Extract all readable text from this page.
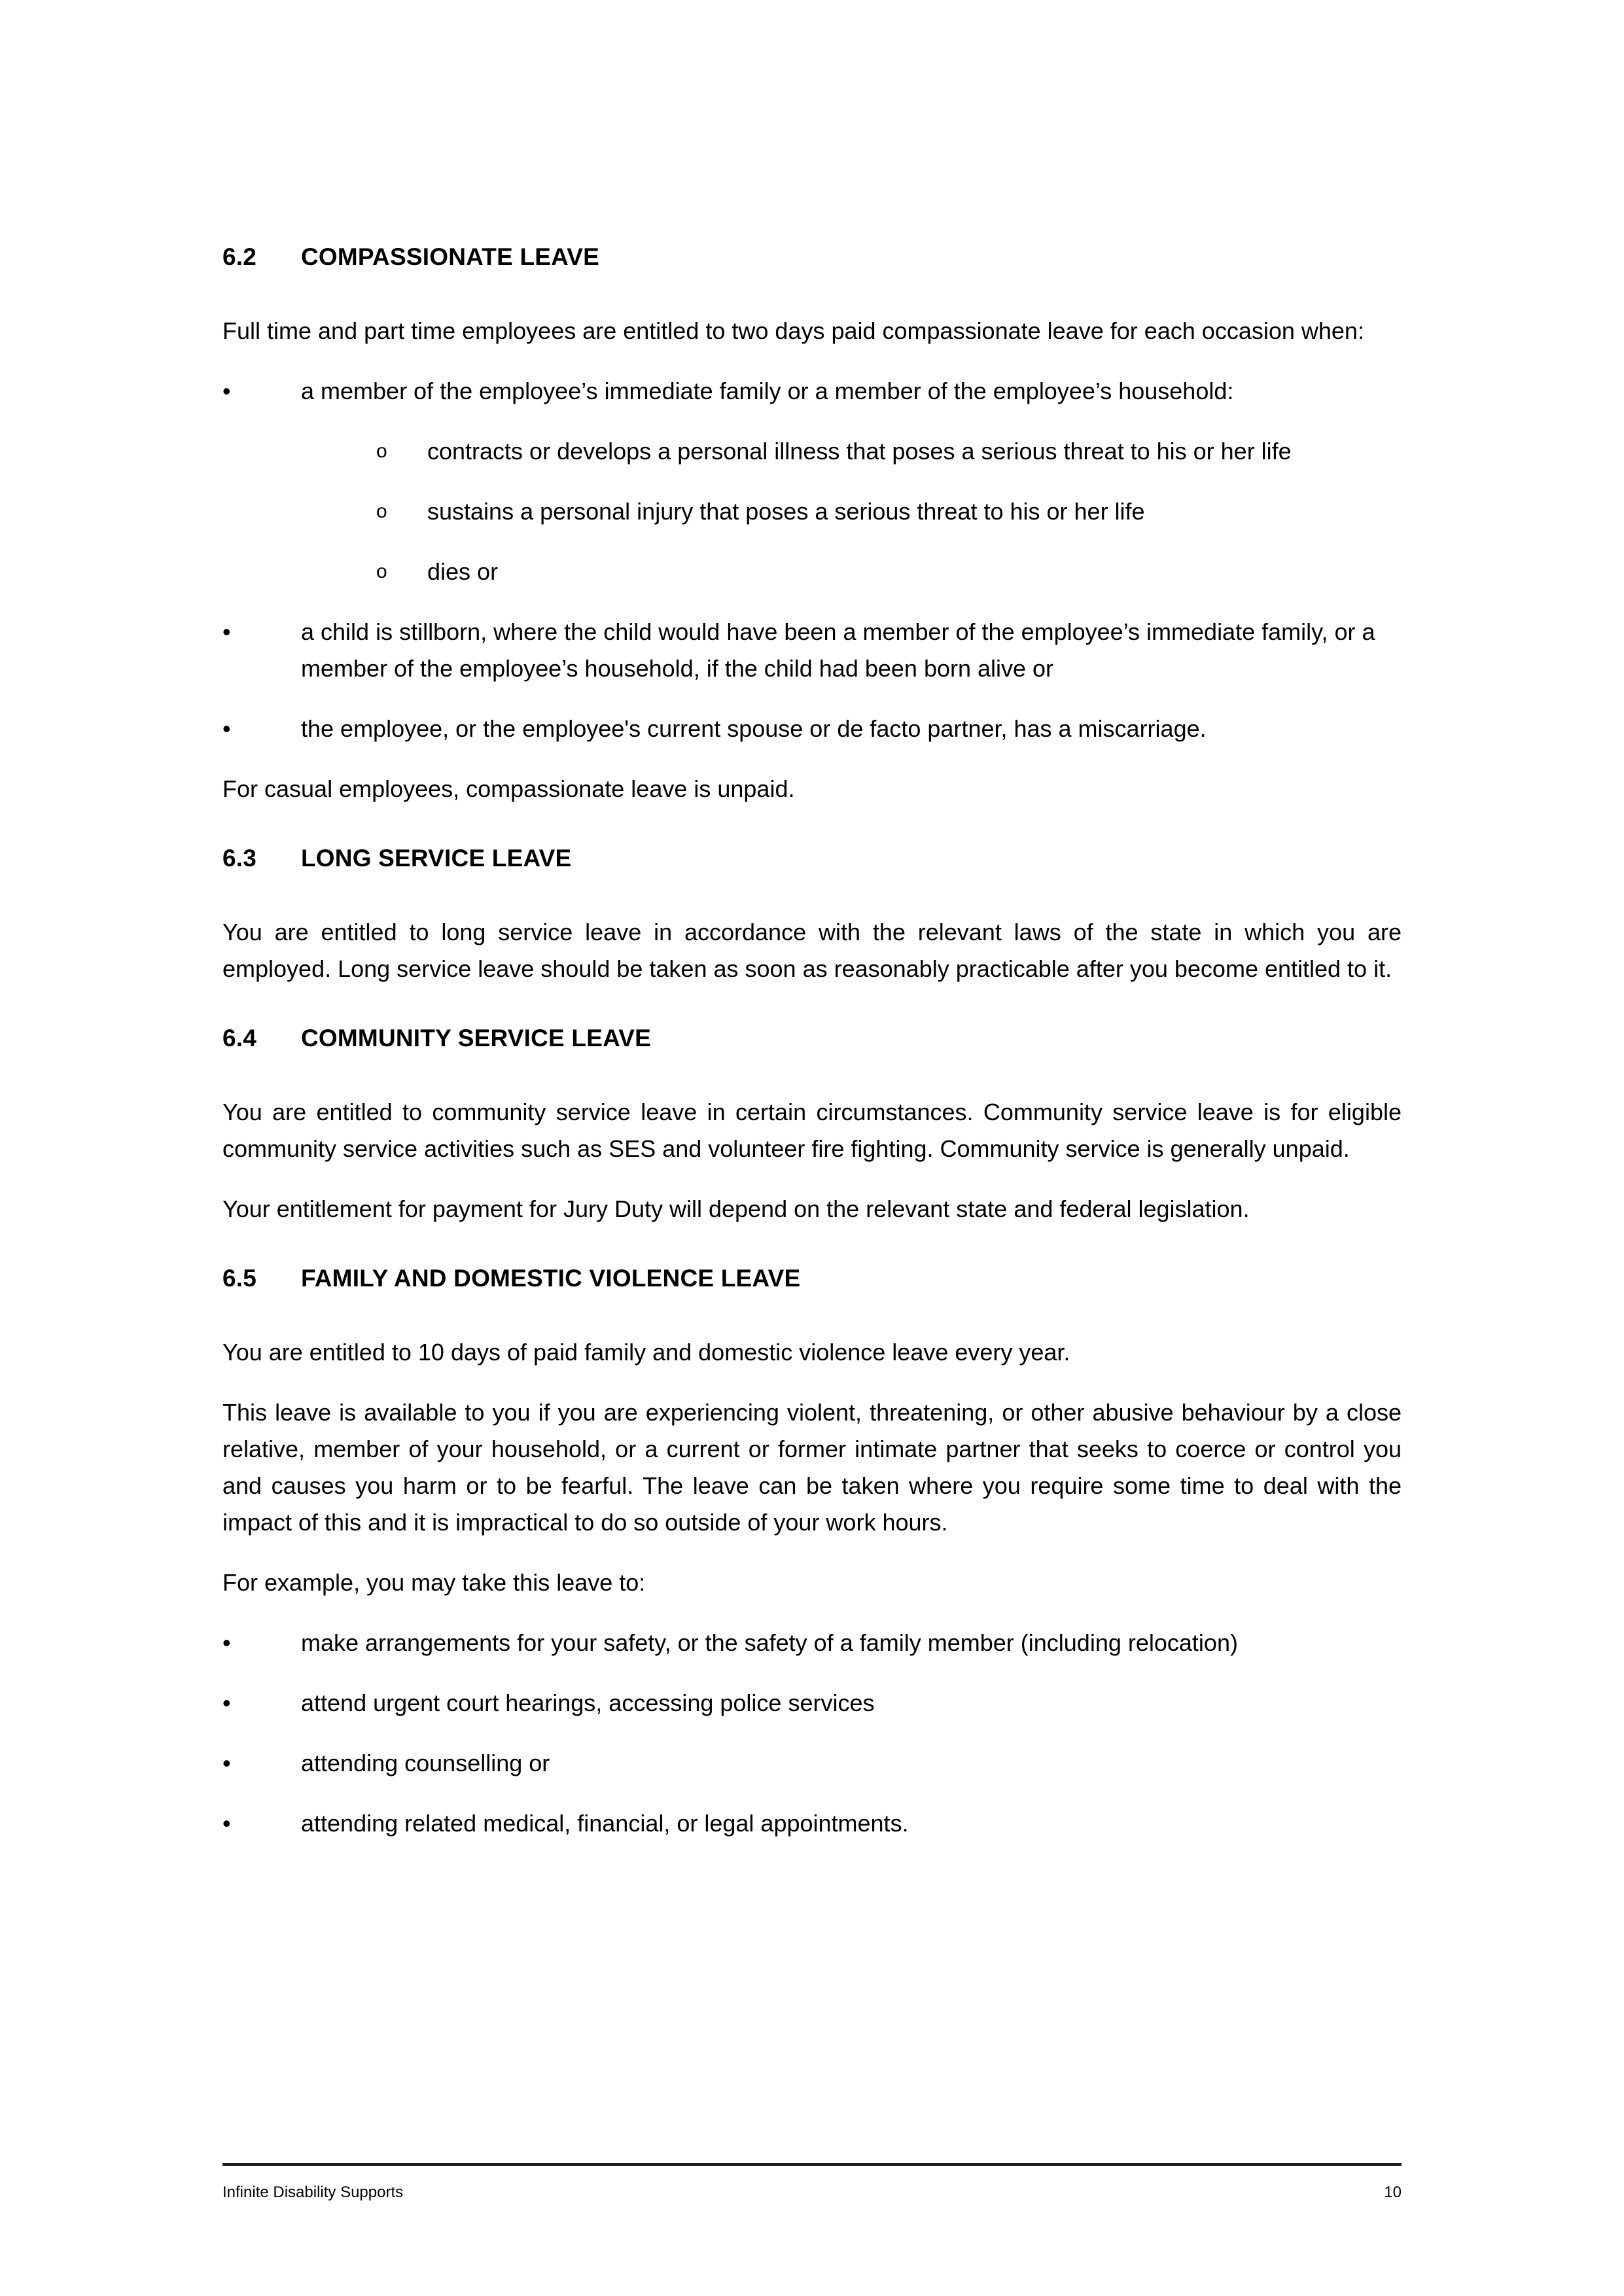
6.2	COMPASSIONATE LEAVE

Full time and part time employees are entitled to two days paid compassionate leave for each occasion when:

•	a member of the employee’s immediate family or a member of the employee’s household:
o	contracts or develops a personal illness that poses a serious threat to his or her life
o	sustains a personal injury that poses a serious threat to his or her life
o	dies or
•	a child is stillborn, where the child would have been a member of the employee’s immediate family, or a member of the employee’s household, if the child had been born alive or
•	the employee, or the employee's current spouse or de facto partner, has a miscarriage.

For casual employees, compassionate leave is unpaid.

6.3	LONG SERVICE LEAVE

You are entitled to long service leave in accordance with the relevant laws of the state in which you are employed. Long service leave should be taken as soon as reasonably practicable after you become entitled to it.

6.4	COMMUNITY SERVICE LEAVE

You are entitled to community service leave in certain circumstances. Community service leave is for eligible community service activities such as SES and volunteer fire fighting. Community service is generally unpaid.

Your entitlement for payment for Jury Duty will depend on the relevant state and federal legislation.

6.5	FAMILY AND DOMESTIC VIOLENCE LEAVE

You are entitled to 10 days of paid family and domestic violence leave every year.

This leave is available to you if you are experiencing violent, threatening, or other abusive behaviour by a close relative, member of your household, or a current or former intimate partner that seeks to coerce or control you and causes you harm or to be fearful. The leave can be taken where you require some time to deal with the impact of this and it is impractical to do so outside of your work hours.

For example, you may take this leave to:

•	make arrangements for your safety, or the safety of a family member (including relocation)
•	attend urgent court hearings, accessing police services
•	attending counselling or
•	attending related medical, financial, or legal appointments.
Infinite Disability Supports	10
